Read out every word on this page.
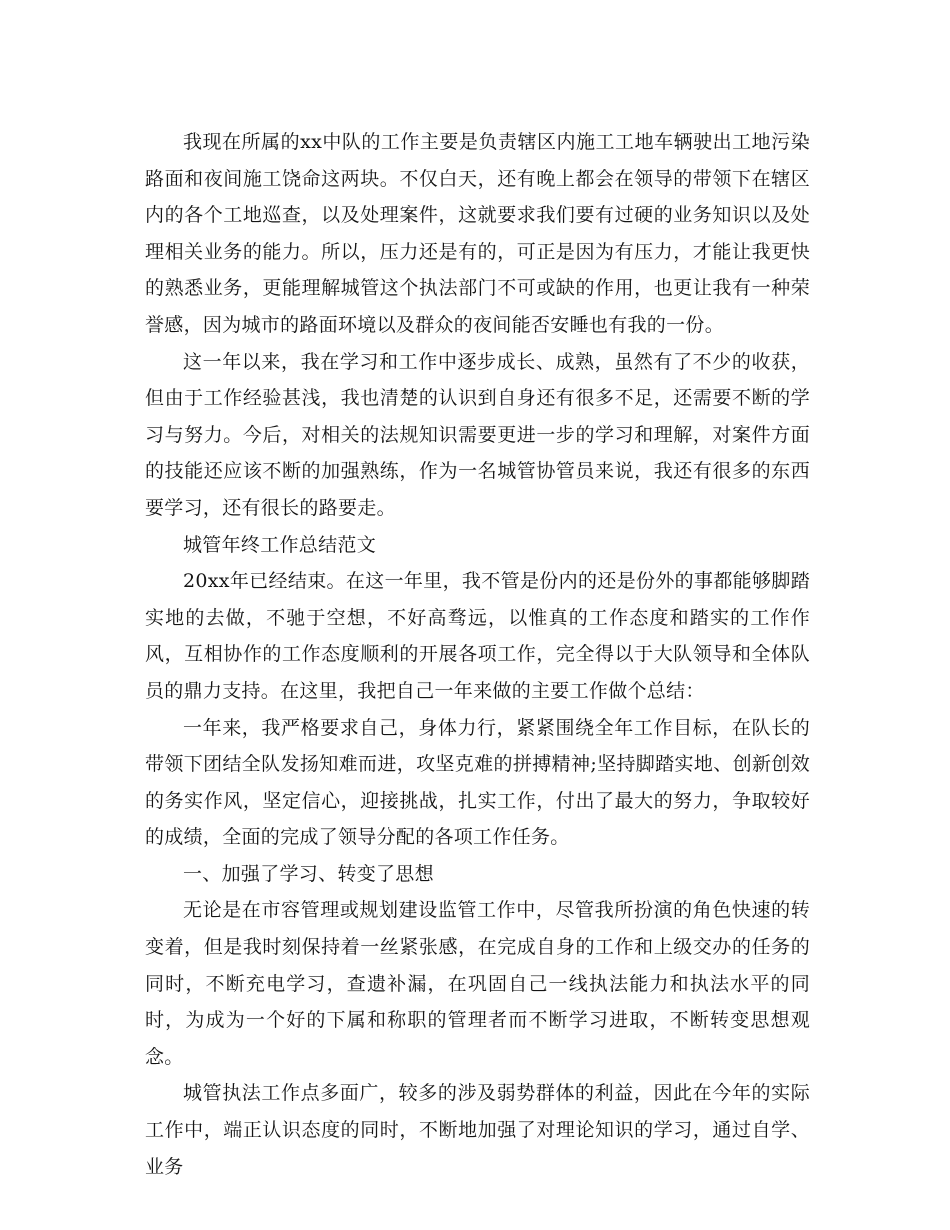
我现在所属的xx中队的工作主要是负责辖区内施工工地车辆驶出工地污染路面和夜间施工饶命这两块。不仅白天，还有晚上都会在领导的带领下在辖区内的各个工地巡查，以及处理案件，这就要求我们要有过硬的业务知识以及处理相关业务的能力。所以，压力还是有的，可正是因为有压力，才能让我更快的熟悉业务，更能理解城管这个执法部门不可或缺的作用，也更让我有一种荣誉感，因为城市的路面环境以及群众的夜间能否安睡也有我的一份。

这一年以来，我在学习和工作中逐步成长、成熟，虽然有了不少的收获，但由于工作经验甚浅，我也清楚的认识到自身还有很多不足，还需要不断的学习与努力。今后，对相关的法规知识需要更进一步的学习和理解，对案件方面的技能还应该不断的加强熟练，作为一名城管协管员来说，我还有很多的东西要学习，还有很长的路要走。

城管年终工作总结范文

20xx年已经结束。在这一年里，我不管是份内的还是份外的事都能够脚踏实地的去做，不驰于空想，不好高骛远，以惟真的工作态度和踏实的工作作风，互相协作的工作态度顺利的开展各项工作，完全得以于大队领导和全体队员的鼎力支持。在这里，我把自己一年来做的主要工作做个总结：

一年来，我严格要求自己，身体力行，紧紧围绕全年工作目标，在队长的带领下团结全队发扬知难而进，攻坚克难的拼搏精神;坚持脚踏实地、创新创效的务实作风，坚定信心，迎接挑战，扎实工作，付出了最大的努力，争取较好的成绩，全面的完成了领导分配的各项工作任务。

一、加强了学习、转变了思想

无论是在市容管理或规划建设监管工作中，尽管我所扮演的角色快速的转变着，但是我时刻保持着一丝紧张感，在完成自身的工作和上级交办的任务的同时，不断充电学习，查遗补漏，在巩固自己一线执法能力和执法水平的同时，为成为一个好的下属和称职的管理者而不断学习进取，不断转变思想观念。

城管执法工作点多面广，较多的涉及弱势群体的利益，因此在今年的实际工作中，端正认识态度的同时，不断地加强了对理论知识的学习，通过自学、业务
